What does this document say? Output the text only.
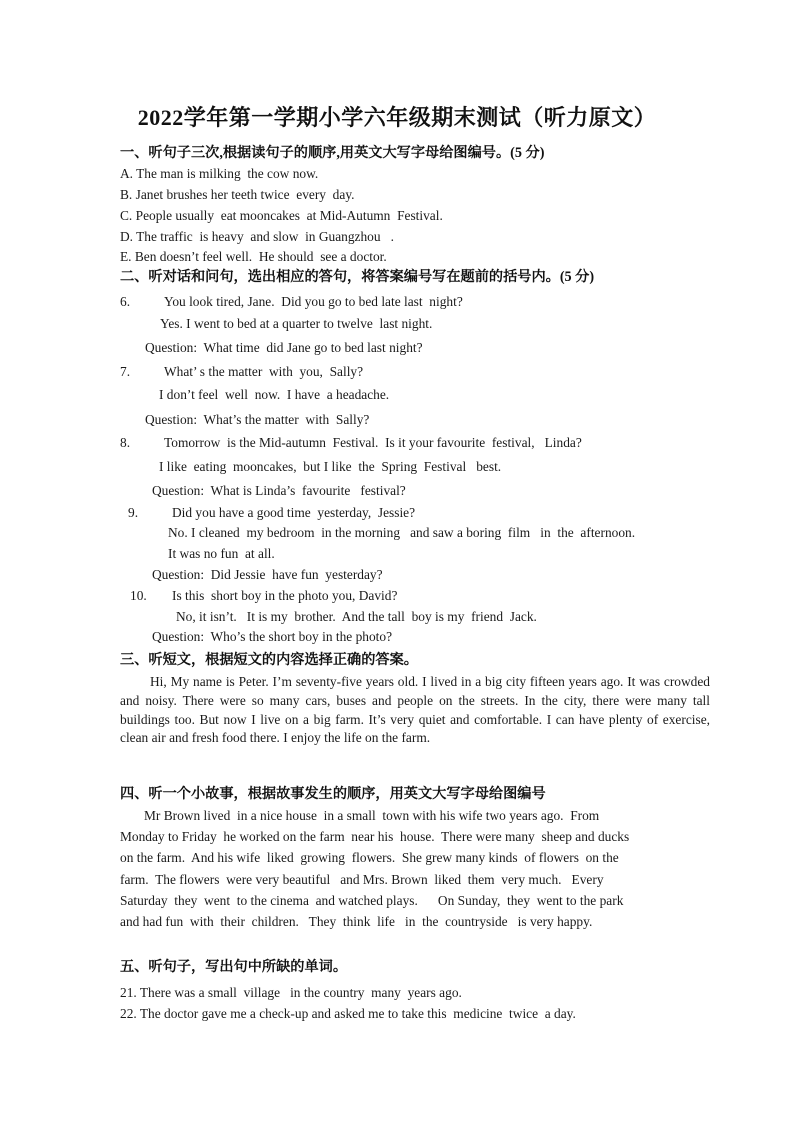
2022学年第一学期小学六年级期末测试（听力原文）
一、听句子三次,根据读句子的顺序,用英文大写字母给图编号。(5 分)
A. The man is milking  the cow now.
B. Janet brushes her teeth twice  every  day.
C. People usually  eat mooncakes  at Mid-Autumn  Festival.
D. The traffic  is heavy  and slow  in Guangzhou   .
E. Ben doesn’t feel well.  He should  see a doctor.
二、听对话和问句，选出相应的答句，将答案编号写在题前的括号内。(5 分)
6.	You look tired, Jane.  Did you go to bed late last  night?
Yes. I went to bed at a quarter to twelve  last night.
Question:  What time  did Jane go to bed last night?
7.	What’ s the matter  with  you,  Sally?
I don’t feel  well  now.  I have  a headache.
Question:  What’s the matter  with  Sally?
8.	Tomorrow  is the Mid-autumn  Festival.  Is it your favourite  festival,   Linda?
I like  eating  mooncakes,  but I like  the  Spring  Festival   best.
Question:  What is Linda’s  favourite   festival?
9.	Did you have a good time  yesterday,  Jessie?
No. I cleaned  my bedroom  in the morning   and saw a boring  film   in  the  afternoon.
It was no fun  at all.
Question:  Did Jessie  have fun  yesterday?
10. Is this  short boy in the photo you, David?
No, it isn’t.   It is my  brother.  And the tall  boy is my  friend  Jack.
Question:  Who’s the short boy in the photo?
三、听短文，根据短文的内容选择正确的答案。
Hi, My name is Peter. I’m seventy-five years old. I lived in a big city fifteen years ago. It was crowded and noisy. There were so many cars, buses and people on the streets. In the city, there were many tall buildings too. But now I live on a big farm. It’s very quiet and comfortable. I can have plenty of exercise, clean air and fresh food there. I enjoy the life on the farm.
四、听一个小故事，根据故事发生的顺序，用英文大写字母给图编号
Mr Brown lived  in a nice house  in a small  town with his wife two years ago.  From
Monday to Friday  he worked on the farm  near his  house.  There were many  sheep and ducks
on the farm.  And his wife  liked  growing  flowers.  She grew many kinds  of flowers  on the
farm.  The flowers  were very beautiful   and Mrs. Brown  liked  them  very much.   Every
Saturday  they  went  to the cinema  and watched plays.      On Sunday,  they  went to the park
and had fun  with  their  children.   They  think  life   in  the  countryside   is very happy.
五、听句子，写出句中所缺的单词。
21. There was a small  village   in the country  many  years ago.
22. The doctor gave me a check-up and asked me to take this  medicine  twice  a day.
